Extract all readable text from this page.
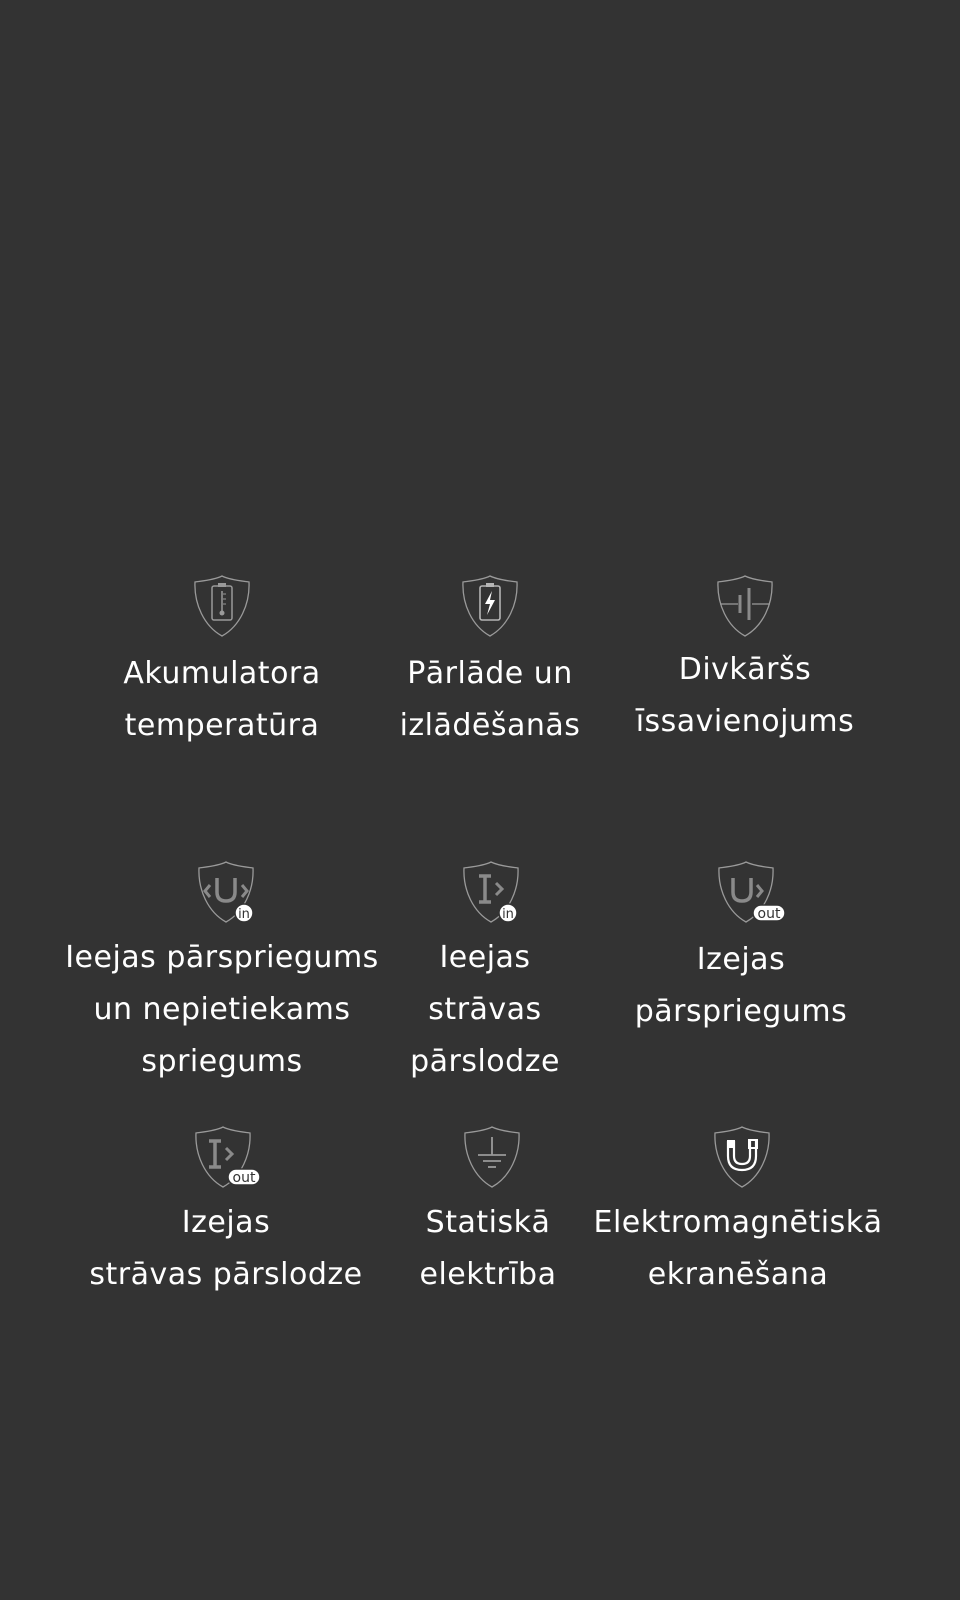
Akumulatora
temperatūra
Pārlāde un
izlādēšanās
Divkāršs
īssavienojums
in
Ieejas pārspriegums
un nepietiekams
spriegums
in
Ieejas
strāvas
pārslodze
out
Izejas
pārspriegums
out
Izejas
strāvas pārslodze
Statiskā
elektrība
Elektromagnētiskā
ekranēšana
